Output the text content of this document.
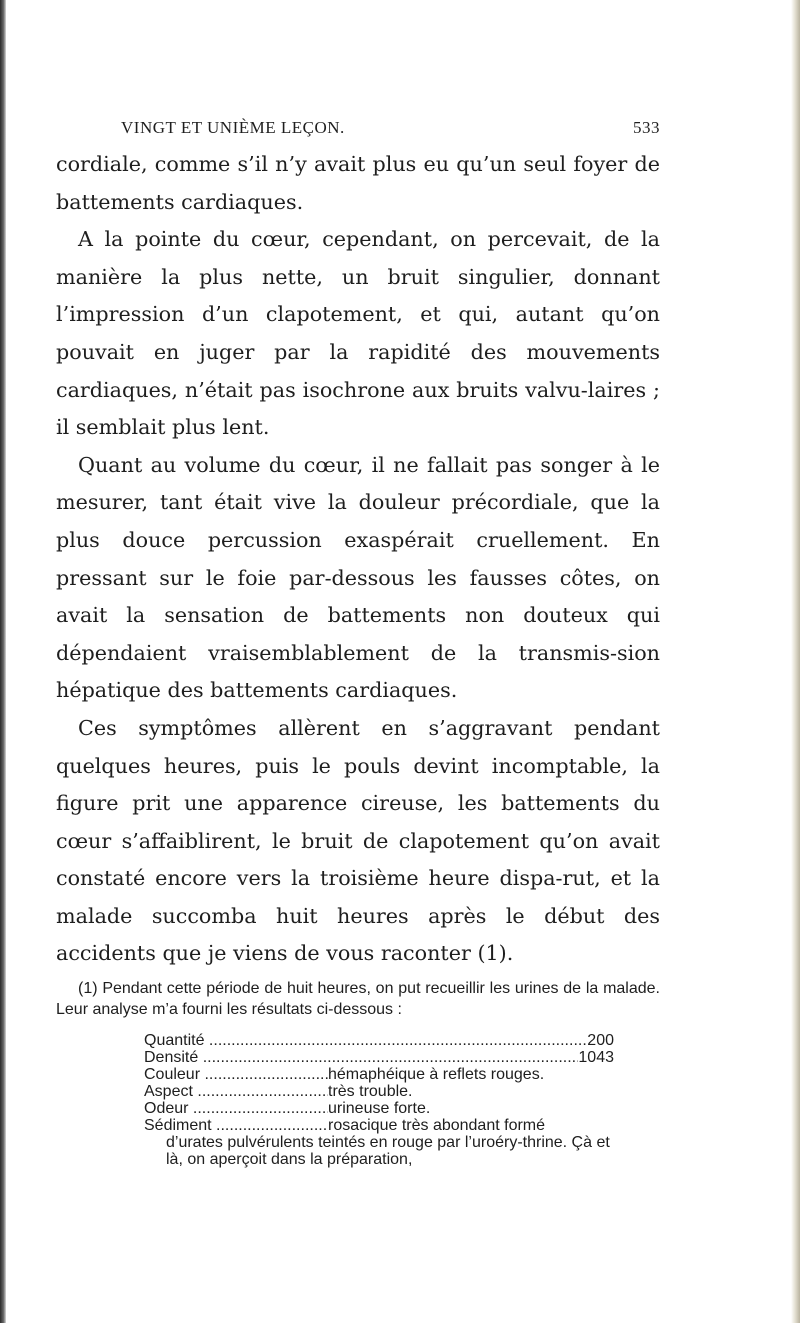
VINGT ET UNIÈME LEÇON.	533

cordiale, comme s’il n’y avait plus eu qu’un seul foyer de battements cardiaques.

A la pointe du cœur, cependant, on percevait, de la manière la plus nette, un bruit singulier, donnant l’impression d’un clapotement, et qui, autant qu’on pouvait en juger par la rapidité des mouvements cardiaques, n’était pas isochrone aux bruits valvu-laires ; il semblait plus lent.

Quant au volume du cœur, il ne fallait pas songer à le mesurer, tant était vive la douleur précordiale, que la plus douce percussion exaspérait cruellement. En pressant sur le foie par-dessous les fausses côtes, on avait la sensation de battements non douteux qui dépendaient vraisemblablement de la transmis-sion hépatique des battements cardiaques.

Ces symptômes allèrent en s’aggravant pendant quelques heures, puis le pouls devint incomptable, la figure prit une apparence cireuse, les battements du cœur s’affaiblirent, le bruit de clapotement qu’on avait constaté encore vers la troisième heure dispa-rut, et la malade succomba huit heures après le début des accidents que je viens de vous raconter (1).

(1) Pendant cette période de huit heures, on put recueillir les urines de la malade. Leur analyse m’a fourni les résultats ci-dessous :

Quantité .....	200
Densité .....	1043
Couleur .....	hémaphéique à reflets rouges.
Aspect .....	très trouble.
Odeur .....	urineuse forte.
Sédiment .....	rosacique très abondant formé
d’urates pulvérulents teintés en rouge par l’uroéry-thrine. Çà et là, on aperçoit dans la préparation,
